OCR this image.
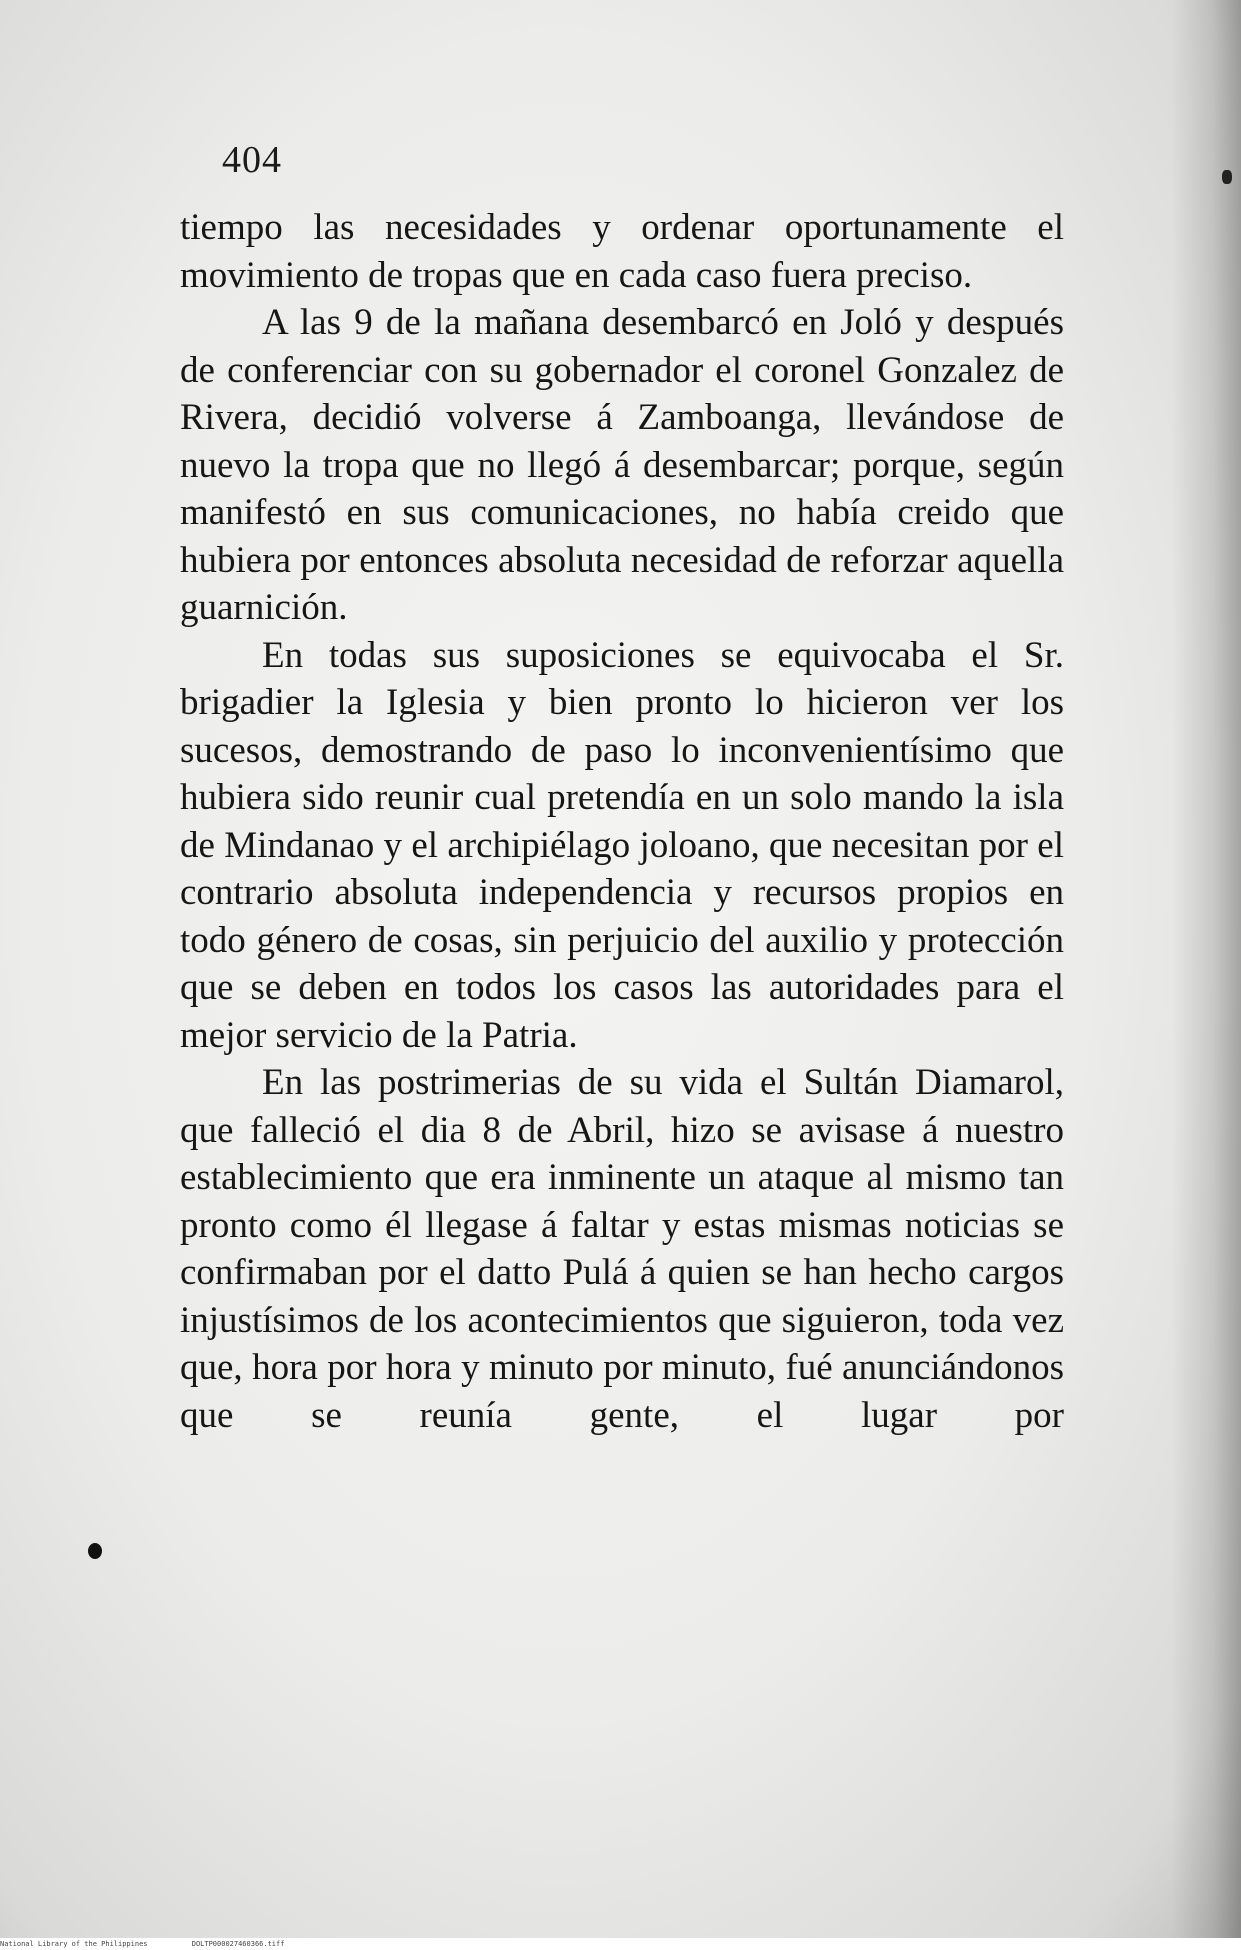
404

tiempo las necesidades y ordenar oportunamente el movimiento de tropas que en cada caso fuera preciso.

A las 9 de la mañana desembarcó en Joló y después de conferenciar con su gobernador el coronel Gonzalez de Rivera, decidió volverse á Zamboanga, llevándose de nuevo la tropa que no llegó á desembarcar; porque, según manifestó en sus comunicaciones, no había creido que hubiera por entonces absoluta necesidad de reforzar aquella guarnición.

En todas sus suposiciones se equivocaba el Sr. brigadier la Iglesia y bien pronto lo hicieron ver los sucesos, demostrando de paso lo inconvenientísimo que hubiera sido reunir cual pretendía en un solo mando la isla de Mindanao y el archipiélago joloano, que necesitan por el contrario absoluta independencia y recursos propios en todo género de cosas, sin perjuicio del auxilio y protección que se deben en todos los casos las autoridades para el mejor servicio de la Patria.

En las postrimerias de su vida el Sultán Diamarol, que falleció el dia 8 de Abril, hizo se avisase á nuestro establecimiento que era inminente un ataque al mismo tan pronto como él llegase á faltar y estas mismas noticias se confirmaban por el datto Pulá á quien se han hecho cargos injustísimos de los acontecimientos que siguieron, toda vez que, hora por hora y minuto por minuto, fué anunciándonos que se reunía gente, el lugar por

National Library of the Philippines	DOLTP000027460366.tiff
